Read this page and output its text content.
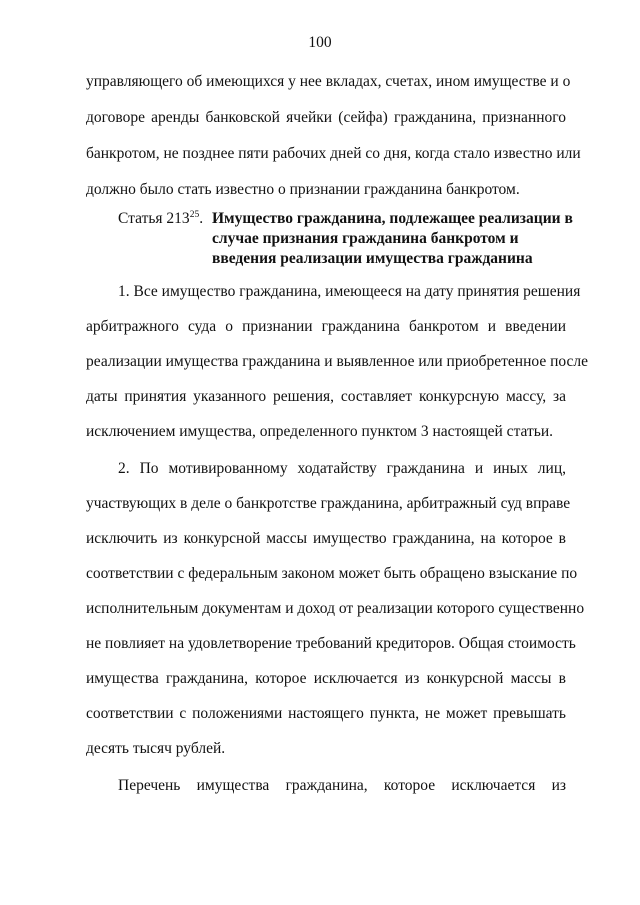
100
управляющего об имеющихся у нее вкладах, счетах, ином имуществе и о
договоре аренды банковской ячейки (сейфа) гражданина, признанного
банкротом, не позднее пяти рабочих дней со дня, когда стало известно или
должно было стать известно о признании гражданина банкротом.
Статья $213^{25}$. Имущество гражданина, подлежащее реализации в
случае признания гражданина банкротом и
введения реализации имущества гражданина
1. Все имущество гражданина, имеющееся на дату принятия решения
арбитражного суда о признании гражданина банкротом и введении
реализации имущества гражданина и выявленное или приобретенное после
даты принятия указанного решения, составляет конкурсную массу, за
исключением имущества, определенного пунктом 3 настоящей статьи.
2. По мотивированному ходатайству гражданина и иных лиц,
участвующих в деле о банкротстве гражданина, арбитражный суд вправе
исключить из конкурсной массы имущество гражданина, на которое в
соответствии с федеральным законом может быть обращено взыскание по
исполнительным документам и доход от реализации которого существенно
не повлияет на удовлетворение требований кредиторов. Общая стоимость
имущества гражданина, которое исключается из конкурсной массы в
соответствии с положениями настоящего пункта, не может превышать
десять тысяч рублей.
Перечень имущества гражданина, которое исключается из
